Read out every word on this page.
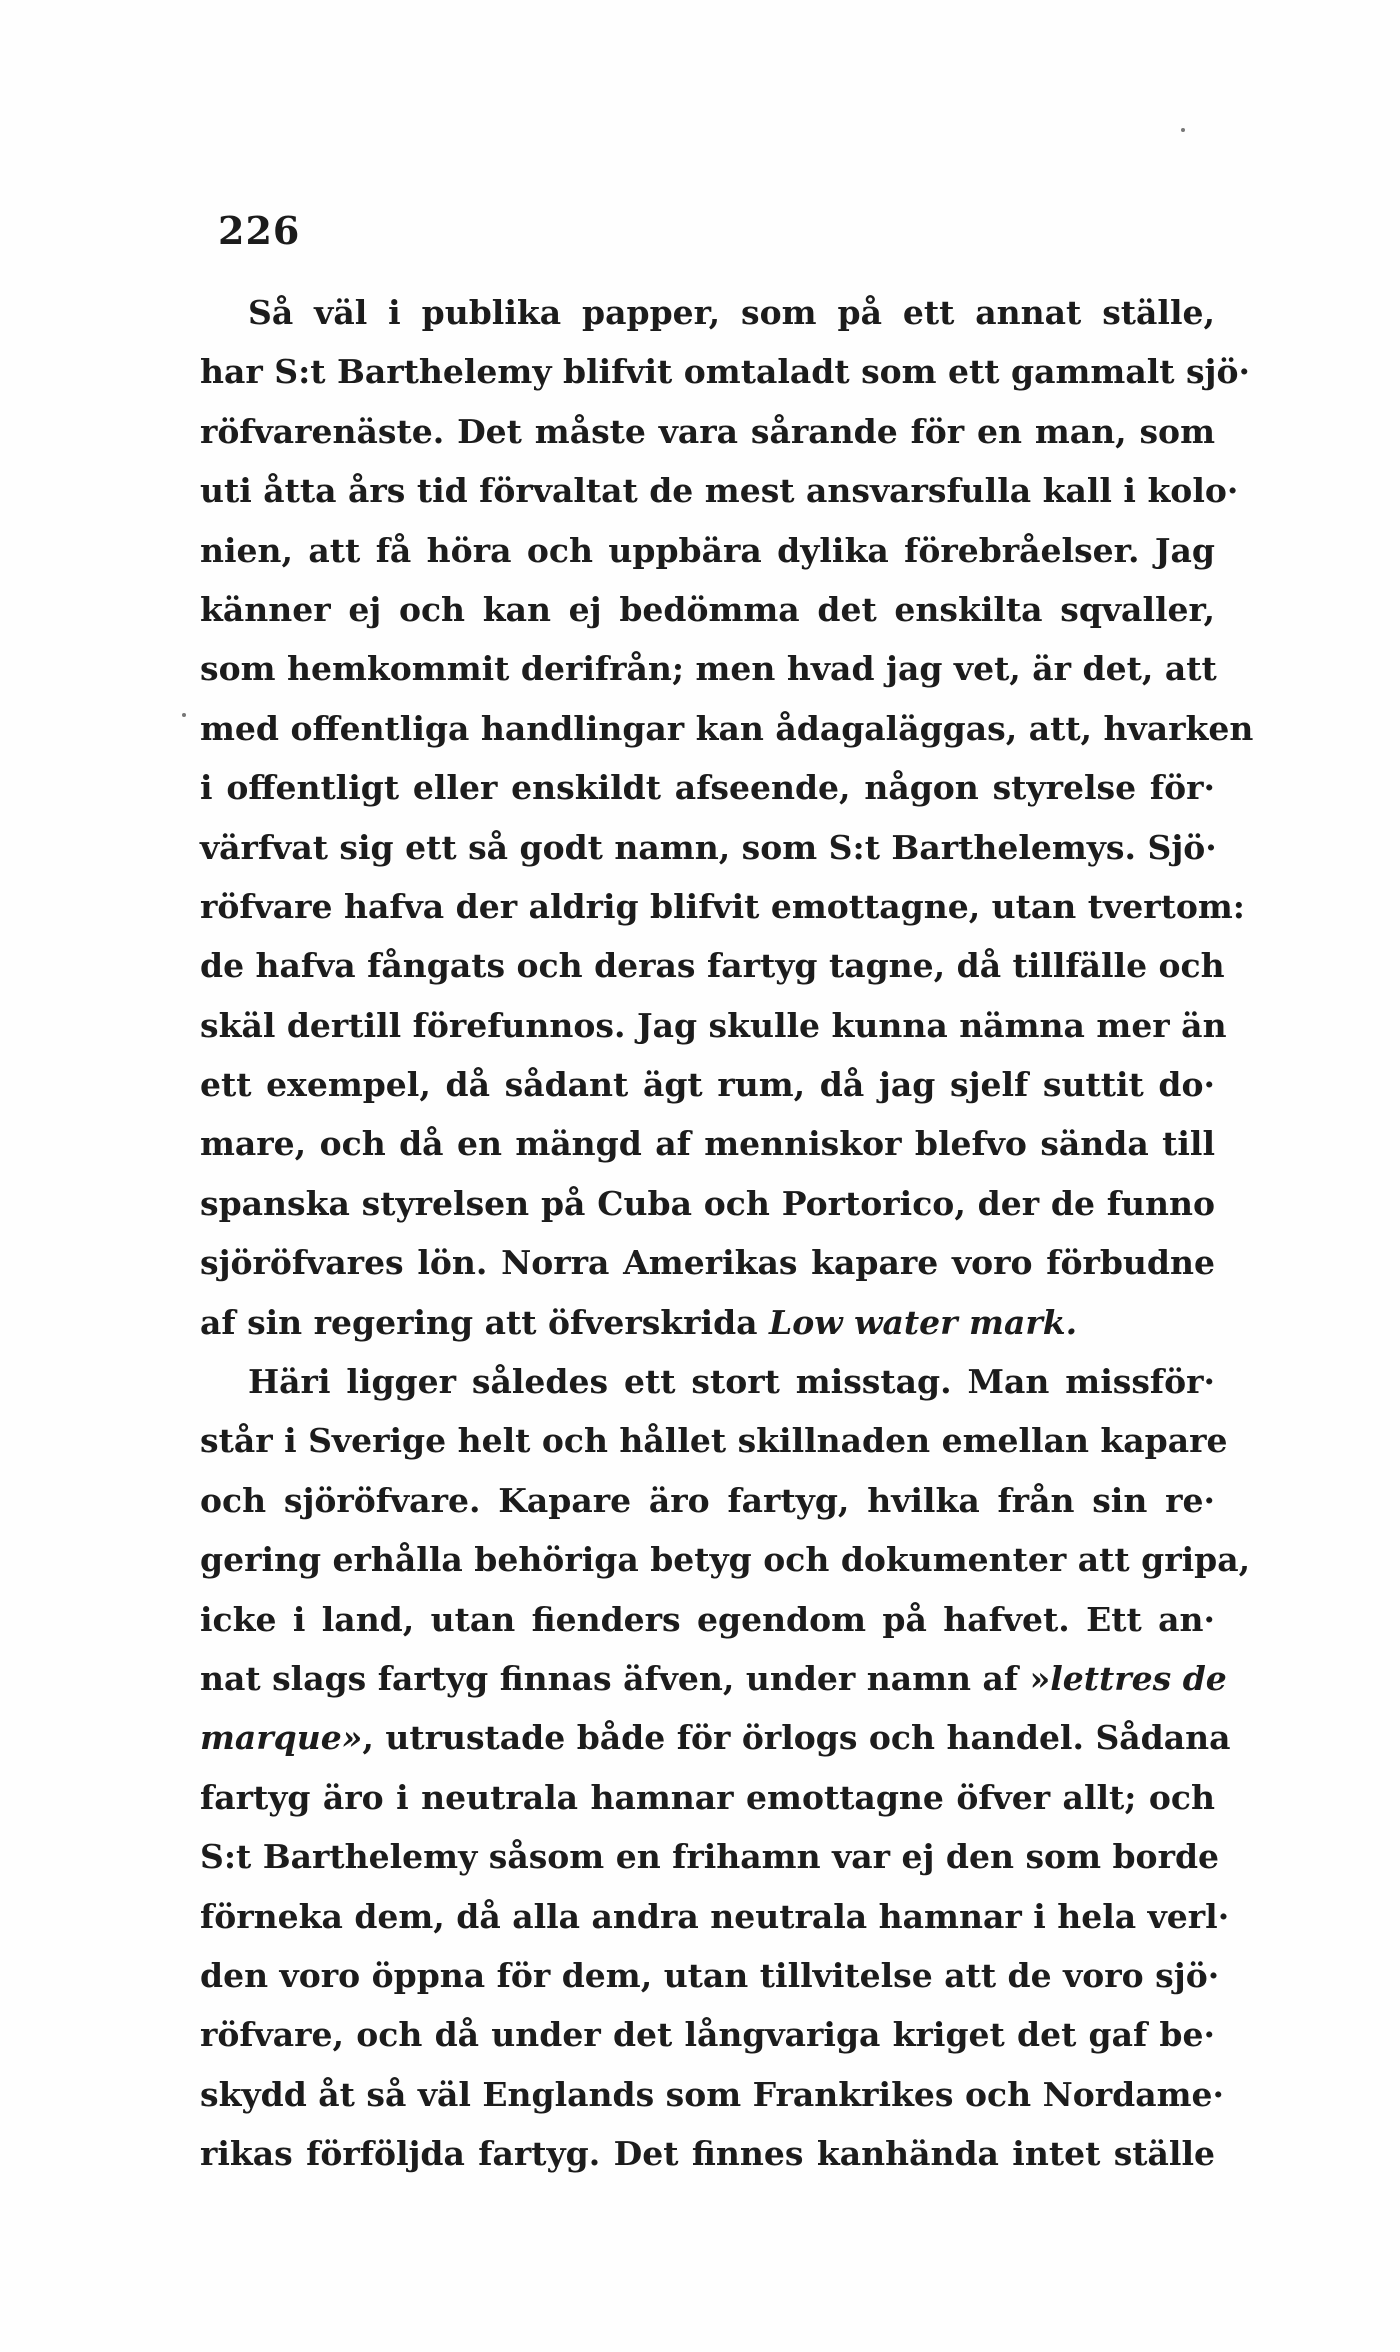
226
Så väl i publika papper, som på ett annat ställe,
har S:t Barthelemy blifvit omtaladt som ett gammalt sjö·
röfvarenäste. Det måste vara sårande för en man, som
uti åtta års tid förvaltat de mest ansvarsfulla kall i kolo·
nien, att få höra och uppbära dylika förebråelser. Jag
känner ej och kan ej bedömma det enskilta sqvaller,
som hemkommit derifrån; men hvad jag vet, är det, att
med offentliga handlingar kan ådagaläggas, att, hvarken
i offentligt eller enskildt afseende, någon styrelse för·
värfvat sig ett så godt namn, som S:t Barthelemys. Sjö·
röfvare hafva der aldrig blifvit emottagne, utan tvertom:
de hafva fångats och deras fartyg tagne, då tillfälle och
skäl dertill förefunnos. Jag skulle kunna nämna mer än
ett exempel, då sådant ägt rum, då jag sjelf suttit do·
mare, och då en mängd af menniskor blefvo sända till
spanska styrelsen på Cuba och Portorico, der de funno
sjöröfvares lön. Norra Amerikas kapare voro förbudne
af sin regering att öfverskrida Low water mark.
Häri ligger således ett stort misstag. Man missför·
står i Sverige helt och hållet skillnaden emellan kapare
och sjöröfvare. Kapare äro fartyg, hvilka från sin re·
gering erhålla behöriga betyg och dokumenter att gripa,
icke i land, utan fienders egendom på hafvet. Ett an·
nat slags fartyg finnas äfven, under namn af »lettres de
marque», utrustade både för örlogs och handel. Sådana
fartyg äro i neutrala hamnar emottagne öfver allt; och
S:t Barthelemy såsom en frihamn var ej den som borde
förneka dem, då alla andra neutrala hamnar i hela verl·
den voro öppna för dem, utan tillvitelse att de voro sjö·
röfvare, och då under det långvariga kriget det gaf be·
skydd åt så väl Englands som Frankrikes och Nordame·
rikas förföljda fartyg. Det finnes kanhända intet ställe
